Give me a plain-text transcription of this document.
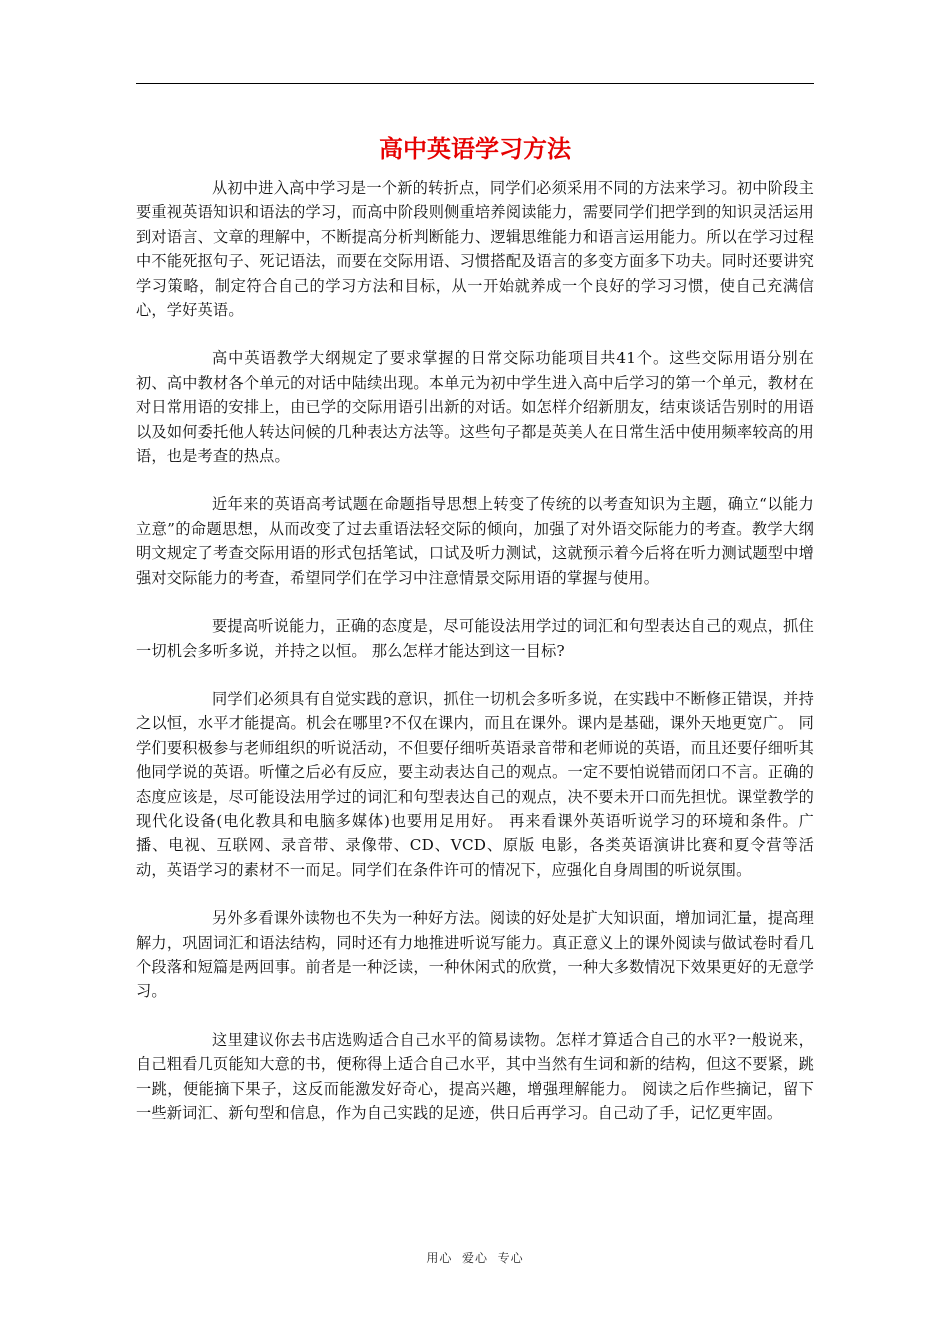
高中英语学习方法

从初中进入高中学习是一个新的转折点，同学们必须采用不同的方法来学习。初中阶段主要重视英语知识和语法的学习，而高中阶段则侧重培养阅读能力，需要同学们把学到的知识灵活运用到对语言、文章的理解中，不断提高分析判断能力、逻辑思维能力和语言运用能力。所以在学习过程中不能死抠句子、死记语法，而要在交际用语、习惯搭配及语言的多变方面多下功夫。同时还要讲究学习策略，制定符合自己的学习方法和目标，从一开始就养成一个良好的学习习惯，使自己充满信心，学好英语。

高中英语教学大纲规定了要求掌握的日常交际功能项目共41个。这些交际用语分别在初、高中教材各个单元的对话中陆续出现。本单元为初中学生进入高中后学习的第一个单元，教材在对日常用语的安排上，由已学的交际用语引出新的对话。如怎样介绍新朋友，结束谈话告别时的用语以及如何委托他人转达问候的几种表达方法等。这些句子都是英美人在日常生活中使用频率较高的用语，也是考查的热点。

近年来的英语高考试题在命题指导思想上转变了传统的以考查知识为主题，确立“以能力立意”的命题思想，从而改变了过去重语法轻交际的倾向，加强了对外语交际能力的考查。教学大纲明文规定了考查交际用语的形式包括笔试，口试及听力测试，这就预示着今后将在听力测试题型中增强对交际能力的考查，希望同学们在学习中注意情景交际用语的掌握与使用。

要提高听说能力，正确的态度是，尽可能设法用学过的词汇和句型表达自己的观点，抓住一切机会多听多说，并持之以恒。 那么怎样才能达到这一目标?

同学们必须具有自觉实践的意识，抓住一切机会多听多说，在实践中不断修正错误，并持之以恒，水平才能提高。机会在哪里?不仅在课内，而且在课外。课内是基础，课外天地更宽广。 同学们要积极参与老师组织的听说活动，不但要仔细听英语录音带和老师说的英语，而且还要仔细听其他同学说的英语。听懂之后必有反应，要主动表达自己的观点。一定不要怕说错而闭口不言。正确的态度应该是，尽可能设法用学过的词汇和句型表达自己的观点，决不要未开口而先担忧。课堂教学的现代化设备(电化教具和电脑多媒体)也要用足用好。 再来看课外英语听说学习的环境和条件。广播、电视、互联网、录音带、录像带、CD、VCD、原版 电影，各类英语演讲比赛和夏令营等活动，英语学习的素材不一而足。同学们在条件许可的情况下，应强化自身周围的听说氛围。

另外多看课外读物也不失为一种好方法。阅读的好处是扩大知识面，增加词汇量，提高理解力，巩固词汇和语法结构，同时还有力地推进听说写能力。真正意义上的课外阅读与做试卷时看几个段落和短篇是两回事。前者是一种泛读，一种休闲式的欣赏，一种大多数情况下效果更好的无意学习。

这里建议你去书店选购适合自己水平的简易读物。怎样才算适合自己的水平?一般说来，自己粗看几页能知大意的书，便称得上适合自己水平，其中当然有生词和新的结构，但这不要紧，跳一跳，便能摘下果子，这反而能激发好奇心，提高兴趣，增强理解能力。 阅读之后作些摘记，留下一些新词汇、新句型和信息，作为自己实践的足迹，供日后再学习。自己动了手，记忆更牢固。

用心  爱心  专心
